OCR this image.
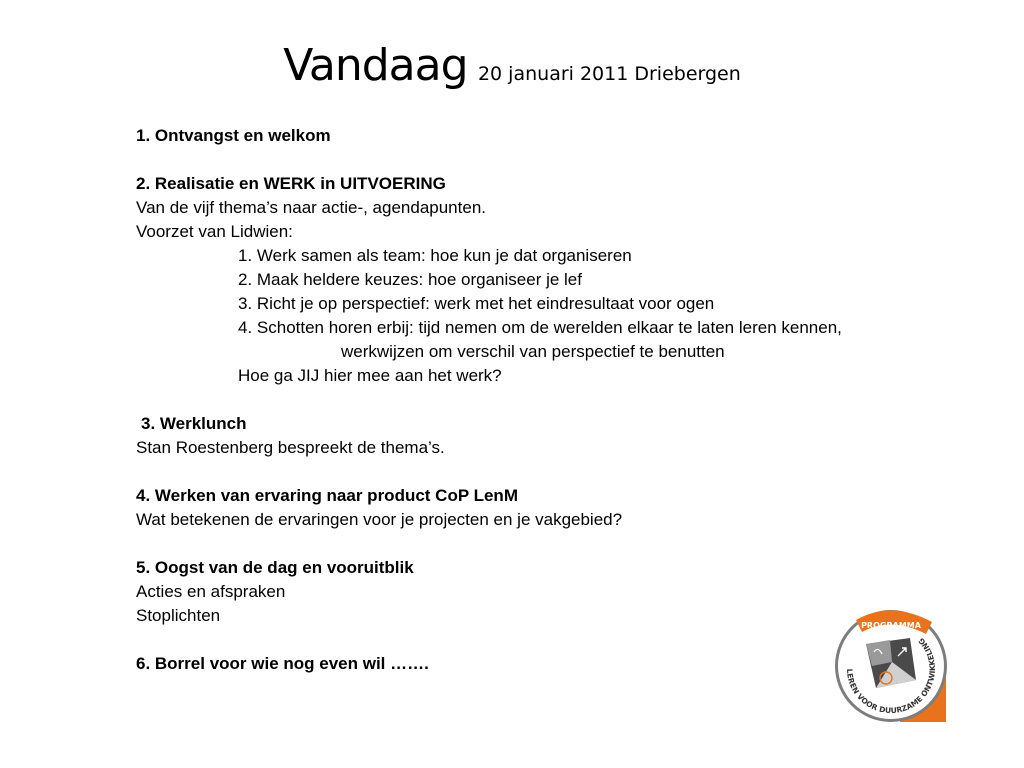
Vandaag 20 januari 2011 Driebergen
1. Ontvangst en welkom
2. Realisatie en WERK in UITVOERING
Van de vijf thema’s naar actie-, agendapunten.
Voorzet van Lidwien:
1. Werk samen als team: hoe kun je dat organiseren
2. Maak heldere keuzes: hoe organiseer je lef
3. Richt je op perspectief: werk met het eindresultaat voor ogen
4. Schotten horen erbij: tijd nemen om de werelden elkaar te laten leren kennen,
werkwijzen om verschil van perspectief te benutten
Hoe ga JIJ hier mee aan het werk?
3. Werklunch
Stan Roestenberg bespreekt de thema’s.
4. Werken van ervaring naar product CoP LenM
Wat betekenen de ervaringen voor je projecten en je vakgebied?
5. Oogst van de dag en vooruitblik
Acties en afspraken
Stoplichten
6. Borrel voor wie nog even wil …….
PROGRAMMA
LEREN VOOR DUURZAME ONTWIKKELING
